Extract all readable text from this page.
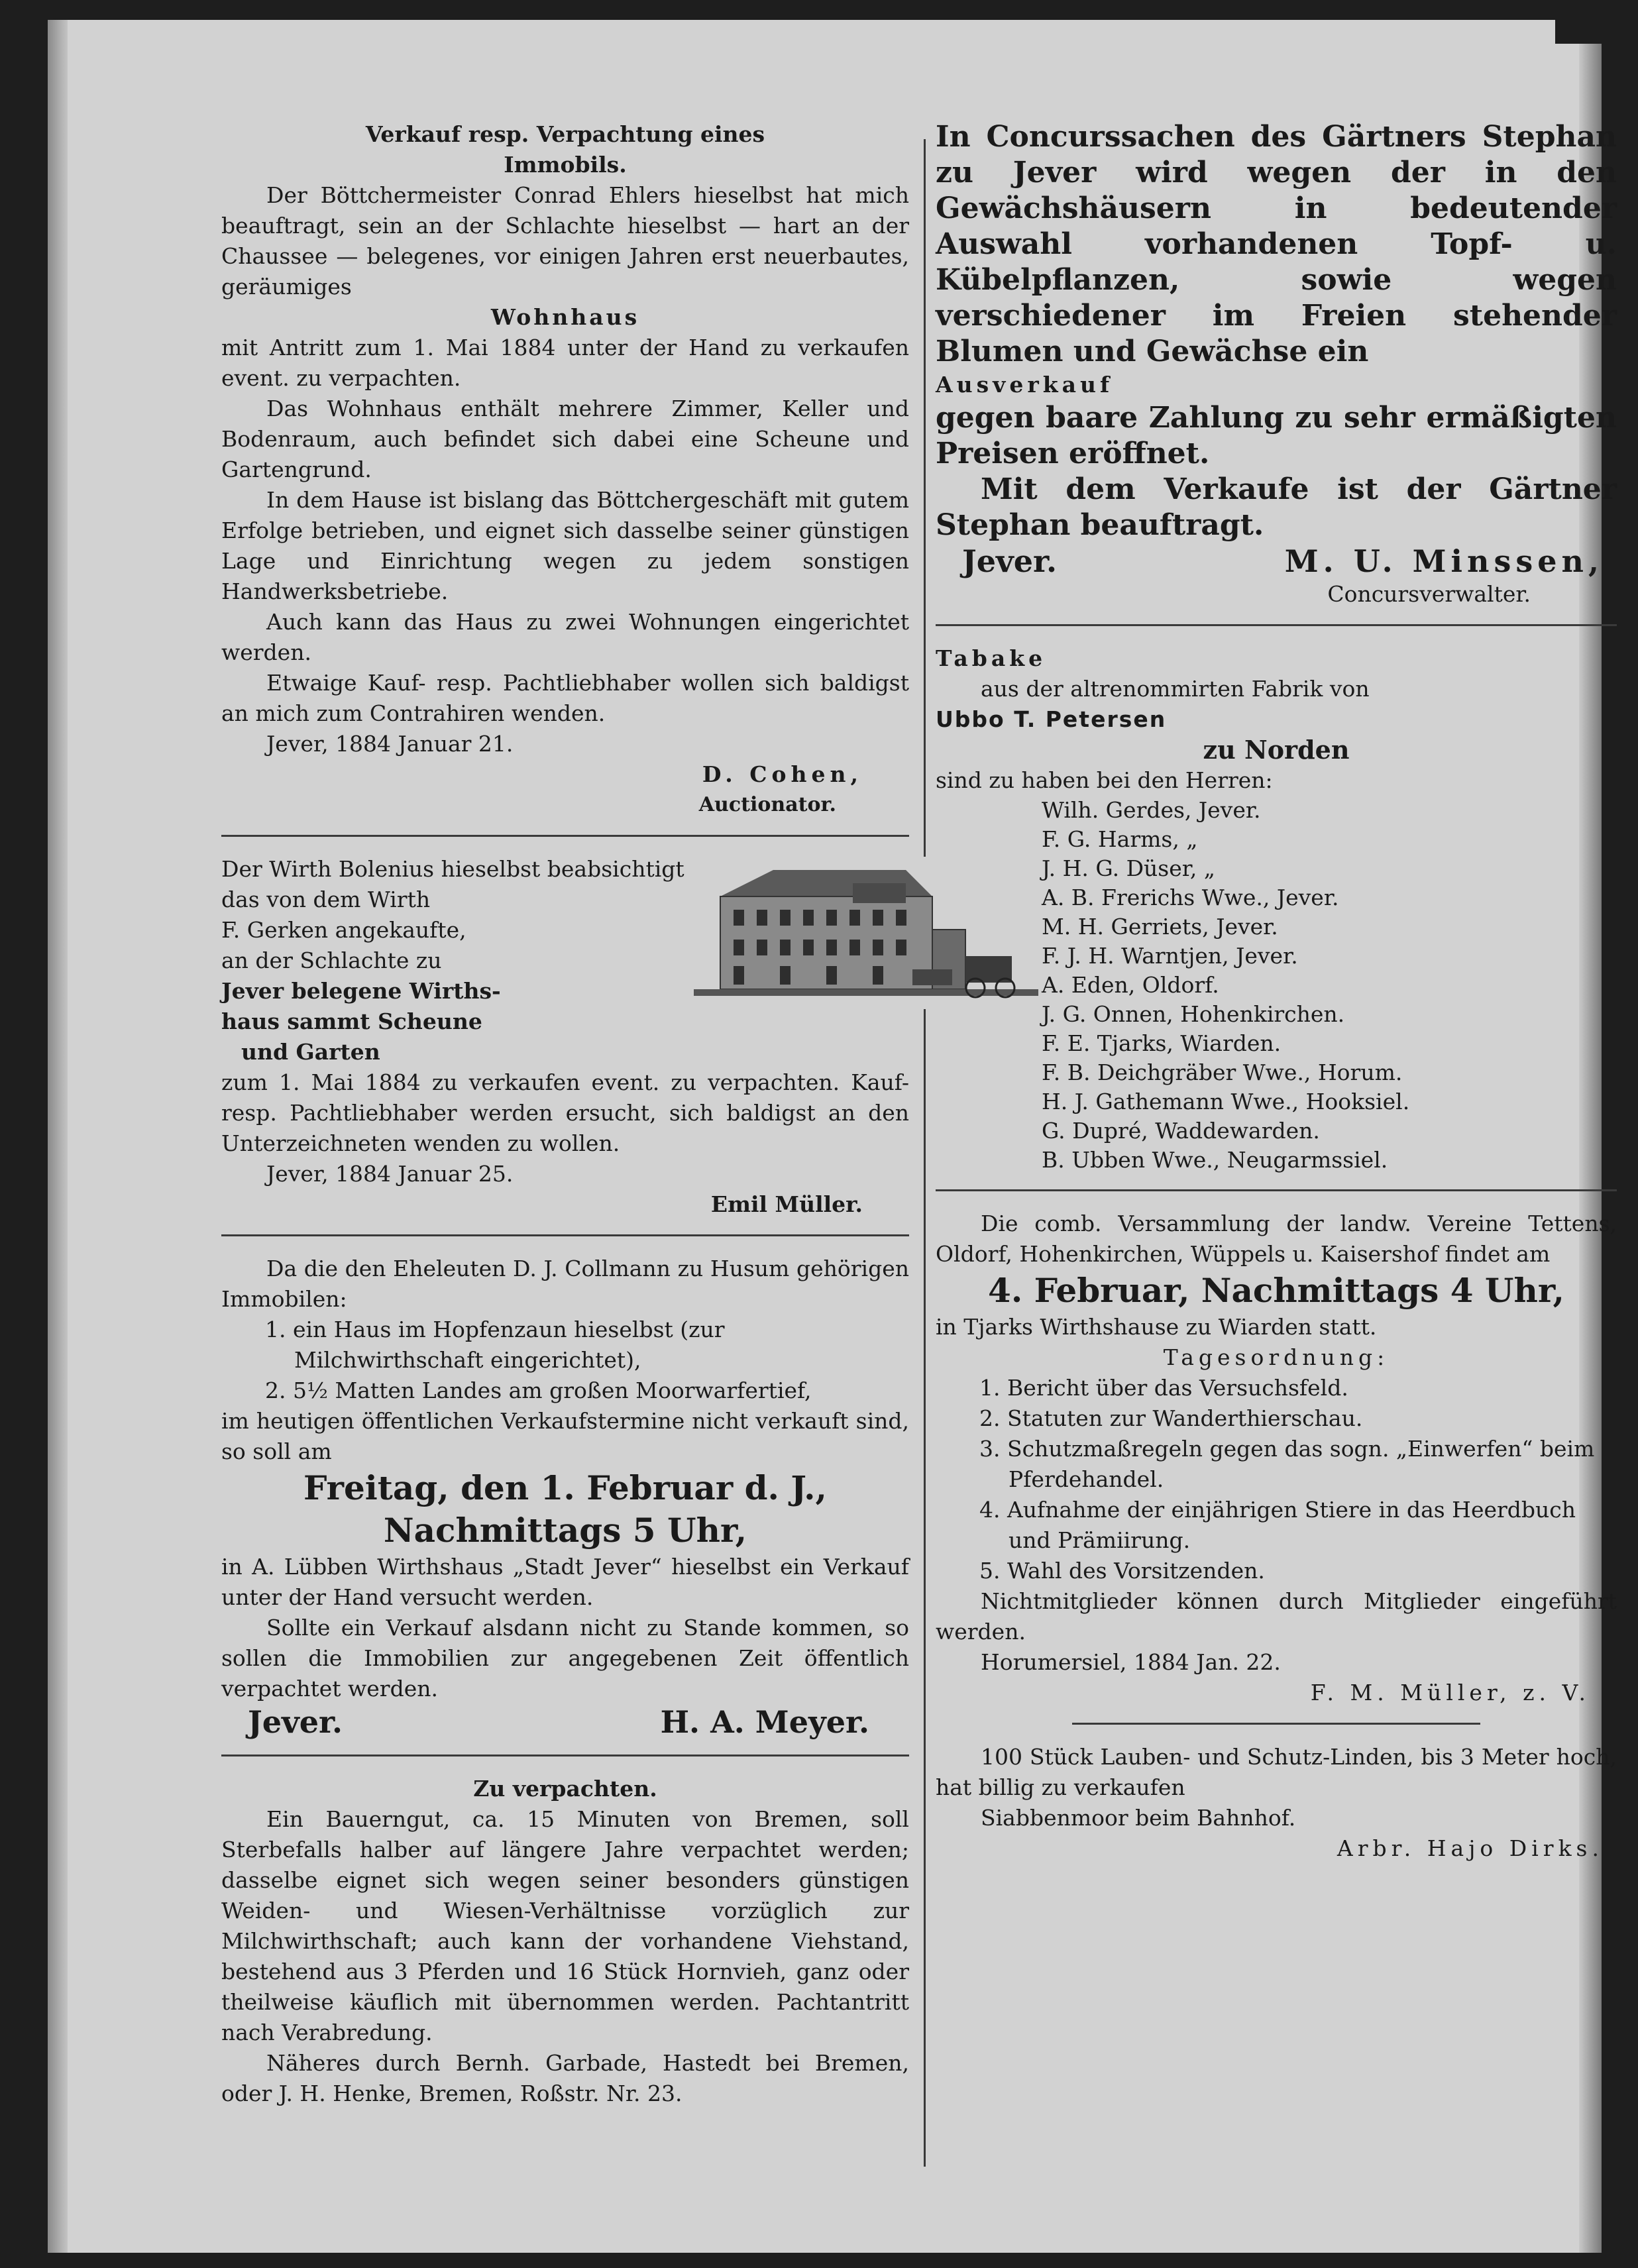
Verkauf resp. Verpachtung eines

Immobils.

Der Böttchermeister Conrad Ehlers hieselbst hat mich beauftragt, sein an der Schlachte hieselbst — hart an der Chaussee — belegenes, vor einigen Jahren erst neuerbautes, geräumiges

Wohnhaus

mit Antritt zum 1. Mai 1884 unter der Hand zu verkaufen event. zu verpachten.

Das Wohnhaus enthält mehrere Zimmer, Keller und Bodenraum, auch befindet sich dabei eine Scheune und Gartengrund.

In dem Hause ist bislang das Böttchergeschäft mit gutem Erfolge betrieben, und eignet sich dasselbe seiner günstigen Lage und Einrichtung wegen zu jedem sonstigen Handwerksbetriebe.

Auch kann das Haus zu zwei Wohnungen eingerichtet werden.

Etwaige Kauf- resp. Pachtliebhaber wollen sich baldigst an mich zum Contrahiren wenden.

Jever, 1884 Januar 21.

D. Cohen,

Auctionator.

Der Wirth Bolenius hieselbst beabsichtigt

das von dem Wirth

F. Gerken angekaufte,

an der Schlachte zu

Jever belegene Wirths-

haus sammt Scheune

und Garten

zum 1. Mai 1884 zu verkaufen event. zu verpachten. Kauf- resp. Pachtliebhaber werden ersucht, sich baldigst an den Unterzeichneten wenden zu wollen.

Jever, 1884 Januar 25.

Emil Müller.

Da die den Eheleuten D. J. Collmann zu Husum gehörigen Immobilen:

1. ein Haus im Hopfenzaun hieselbst (zur Milchwirthschaft eingerichtet),

2. 5½ Matten Landes am großen Moorwarfertief,

im heutigen öffentlichen Verkaufstermine nicht verkauft sind, so soll am

Freitag, den 1. Februar d. J.,

Nachmittags 5 Uhr,

in A. Lübben Wirthshaus „Stadt Jever“ hieselbst ein Verkauf unter der Hand versucht werden.

Sollte ein Verkauf alsdann nicht zu Stande kommen, so sollen die Immobilien zur angegebenen Zeit öffentlich verpachtet werden.

Jever.	H. A. Meyer.

Zu verpachten.

Ein Bauerngut, ca. 15 Minuten von Bremen, soll Sterbefalls halber auf längere Jahre verpachtet werden; dasselbe eignet sich wegen seiner besonders günstigen Weiden- und Wiesen-Verhältnisse vorzüglich zur Milchwirthschaft; auch kann der vorhandene Viehstand, bestehend aus 3 Pferden und 16 Stück Hornvieh, ganz oder theilweise käuflich mit übernommen werden. Pachtantritt nach Verabredung.

Näheres durch Bernh. Garbade, Hastedt bei Bremen, oder J. H. Henke, Bremen, Roßstr. Nr. 23.

In Concurssachen des Gärtners Stephan zu Jever wird wegen der in den Gewächshäusern in bedeutender Auswahl vorhandenen Topf- u. Kübelpflanzen, sowie wegen verschiedener im Freien stehender Blumen und Gewächse ein

Ausverkauf

gegen baare Zahlung zu sehr ermäßigten Preisen eröffnet.

Mit dem Verkaufe ist der Gärtner Stephan beauftragt.

Jever.	M. U. Minssen,

Concursverwalter.

Tabake

aus der altrenommirten Fabrik von

Ubbo T. Petersen

zu Norden

sind zu haben bei den Herren:

Wilh. Gerdes, Jever.

F. G. Harms, „

J. H. G. Düser, „

A. B. Frerichs Wwe., Jever.

M. H. Gerriets, Jever.

F. J. H. Warntjen, Jever.

A. Eden, Oldorf.

J. G. Onnen, Hohenkirchen.

F. E. Tjarks, Wiarden.

F. B. Deichgräber Wwe., Horum.

H. J. Gathemann Wwe., Hooksiel.

G. Dupré, Waddewarden.

B. Ubben Wwe., Neugarmssiel.

Die comb. Versammlung der landw. Vereine Tettens, Oldorf, Hohenkirchen, Wüppels u. Kaisershof findet am

4. Februar, Nachmittags 4 Uhr,

in Tjarks Wirthshause zu Wiarden statt.

Tagesordnung:

1. Bericht über das Versuchsfeld.

2. Statuten zur Wanderthierschau.

3. Schutzmaßregeln gegen das sogn. „Einwerfen“ beim Pferdehandel.

4. Aufnahme der einjährigen Stiere in das Heerdbuch und Prämiirung.

5. Wahl des Vorsitzenden.

Nichtmitglieder können durch Mitglieder eingeführt werden.

Horumersiel, 1884 Jan. 22.

F. M. Müller, z. V.

100 Stück Lauben- und Schutz-Linden, bis 3 Meter hoch, hat billig zu verkaufen

Siabbenmoor beim Bahnhof.

Arbr. Hajo Dirks.
